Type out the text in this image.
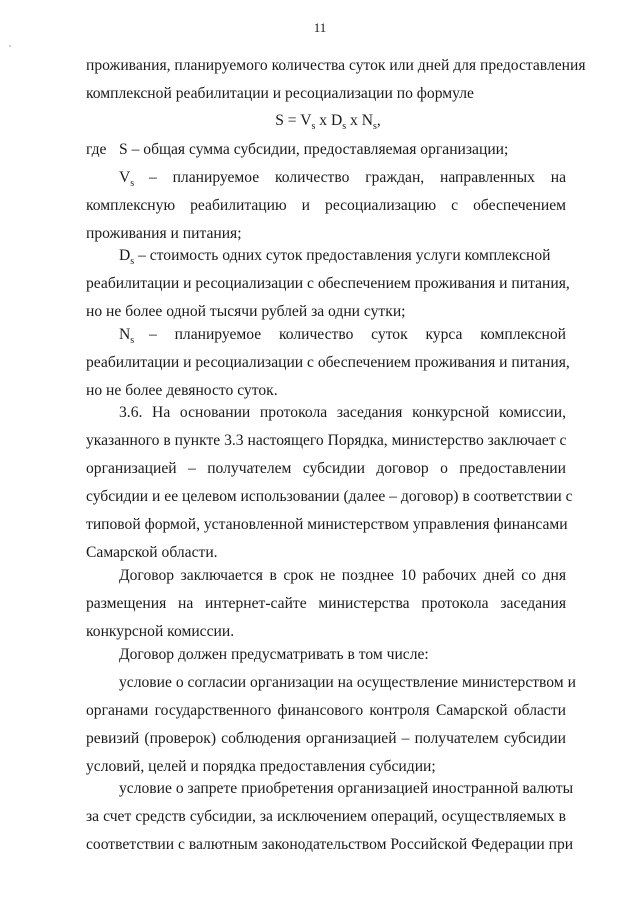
11
проживания, планируемого количества суток или дней для предоставления
комплексной реабилитации и ресоциализации по формуле
$S = V_s$ x $D_s$ x $N_s$,
где S – общая сумма субсидии, предоставляемая организации;
$V_s$ – планируемое количество граждан, направленных на
комплексную реабилитацию и ресоциализацию с обеспечением
проживания и питания;
$D_s$ – стоимость одних суток предоставления услуги комплексной
реабилитации и ресоциализации с обеспечением проживания и питания,
но не более одной тысячи рублей за одни сутки;
$N_s$ – планируемое количество суток курса комплексной
реабилитации и ресоциализации с обеспечением проживания и питания,
но не более девяносто суток.
3.6. На основании протокола заседания конкурсной комиссии,
указанного в пункте 3.3 настоящего Порядка, министерство заключает с
организацией – получателем субсидии договор о предоставлении
субсидии и ее целевом использовании (далее – договор) в соответствии с
типовой формой, установленной министерством управления финансами
Самарской области.
Договор заключается в срок не позднее 10 рабочих дней со дня
размещения на интернет-сайте министерства протокола заседания
конкурсной комиссии.
Договор должен предусматривать в том числе:
условие о согласии организации на осуществление министерством и
органами государственного финансового контроля Самарской области
ревизий (проверок) соблюдения организацией – получателем субсидии
условий, целей и порядка предоставления субсидии;
условие о запрете приобретения организацией иностранной валюты
за счет средств субсидии, за исключением операций, осуществляемых в
соответствии с валютным законодательством Российской Федерации при
